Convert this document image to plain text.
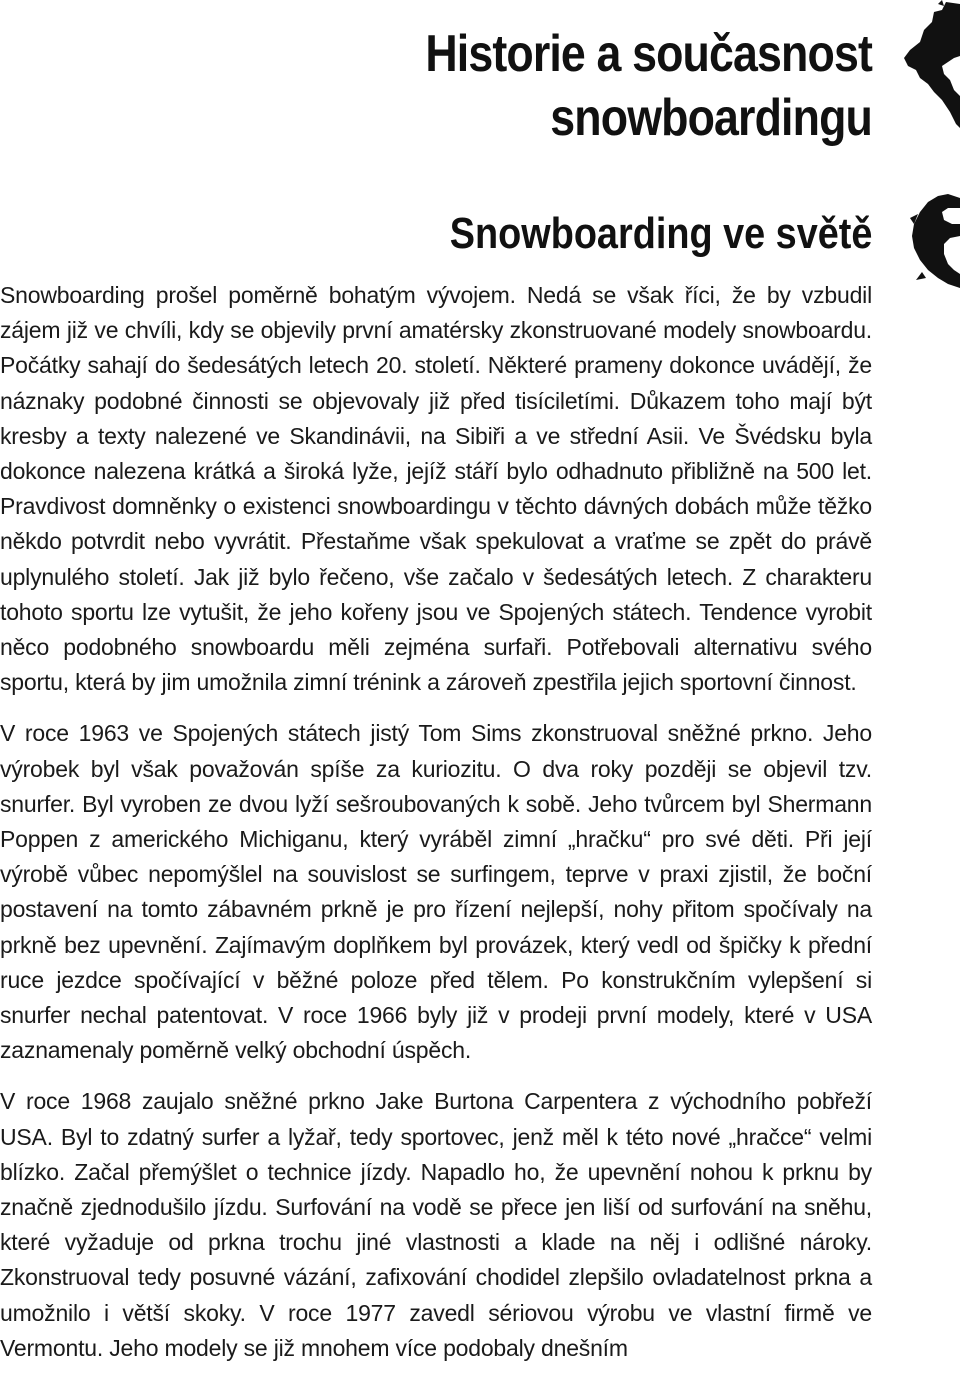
Historie a současnost snowboardingu
Snowboarding ve světě

Snowboarding prošel poměrně bohatým vývojem. Nedá se však říci, že by vzbudil zájem již ve chvíli, kdy se objevily první amatérsky zkonstruované modely snowboardu. Počátky sahají do šedesátých letech 20. století. Některé prameny dokonce uvádějí, že náznaky podobné činnosti se objevovaly již před tisíciletími. Důkazem toho mají být kresby a texty nalezené ve Skandinávii, na Sibiři a ve střední Asii. Ve Švédsku byla dokonce nalezena krátká a široká lyže, jejíž stáří bylo odhadnuto přibližně na 500 let. Pravdivost domněnky o existenci snowboardingu v těchto dávných dobách může těžko někdo potvrdit nebo vyvrátit. Přestaňme však spekulovat a vraťme se zpět do právě uplynulého století. Jak již bylo řečeno, vše začalo v šedesátých letech. Z charakteru tohoto sportu lze vytušit, že jeho kořeny jsou ve Spojených státech. Tendence vyrobit něco podobného snowboardu měli zejména surfaři. Potřebovali alternativu svého sportu, která by jim umožnila zimní trénink a zároveň zpestřila jejich sportovní činnost.

V roce 1963 ve Spojených státech jistý Tom Sims zkonstruoval sněžné prkno. Jeho výrobek byl však považován spíše za kuriozitu. O dva roky později se objevil tzv. snurfer. Byl vyroben ze dvou lyží sešroubovaných k sobě. Jeho tvůrcem byl Shermann Poppen z amerického Michiganu, který vyráběl zimní „hračku“ pro své děti. Při její výrobě vůbec nepomýšlel na souvislost se surfingem, teprve v praxi zjistil, že boční postavení na tomto zábavném prkně je pro řízení nejlepší, nohy přitom spočívaly na prkně bez upevnění. Zajímavým doplňkem byl provázek, který vedl od špičky k přední ruce jezdce spočívající v běžné poloze před tělem. Po konstrukčním vylepšení si snurfer nechal patentovat. V roce 1966 byly již v prodeji první modely, které v USA zaznamenaly poměrně velký obchodní úspěch.

V roce 1968 zaujalo sněžné prkno Jake Burtona Carpentera z východního pobřeží USA. Byl to zdatný surfer a lyžař, tedy sportovec, jenž měl k této nové „hračce“ velmi blízko. Začal přemýšlet o technice jízdy. Napadlo ho, že upevnění nohou k prknu by značně zjednodušilo jízdu. Surfování na vodě se přece jen liší od surfování na sněhu, které vyžaduje od prkna trochu jiné vlastnosti a klade na něj i odlišné nároky. Zkonstruoval tedy posuvné vázání, zafixování chodidel zlepšilo ovladatelnost prkna a umožnilo i větší skoky. V roce 1977 zavedl sériovou výrobu ve vlastní firmě ve Vermontu. Jeho modely se již mnohem více podobaly dnešním
